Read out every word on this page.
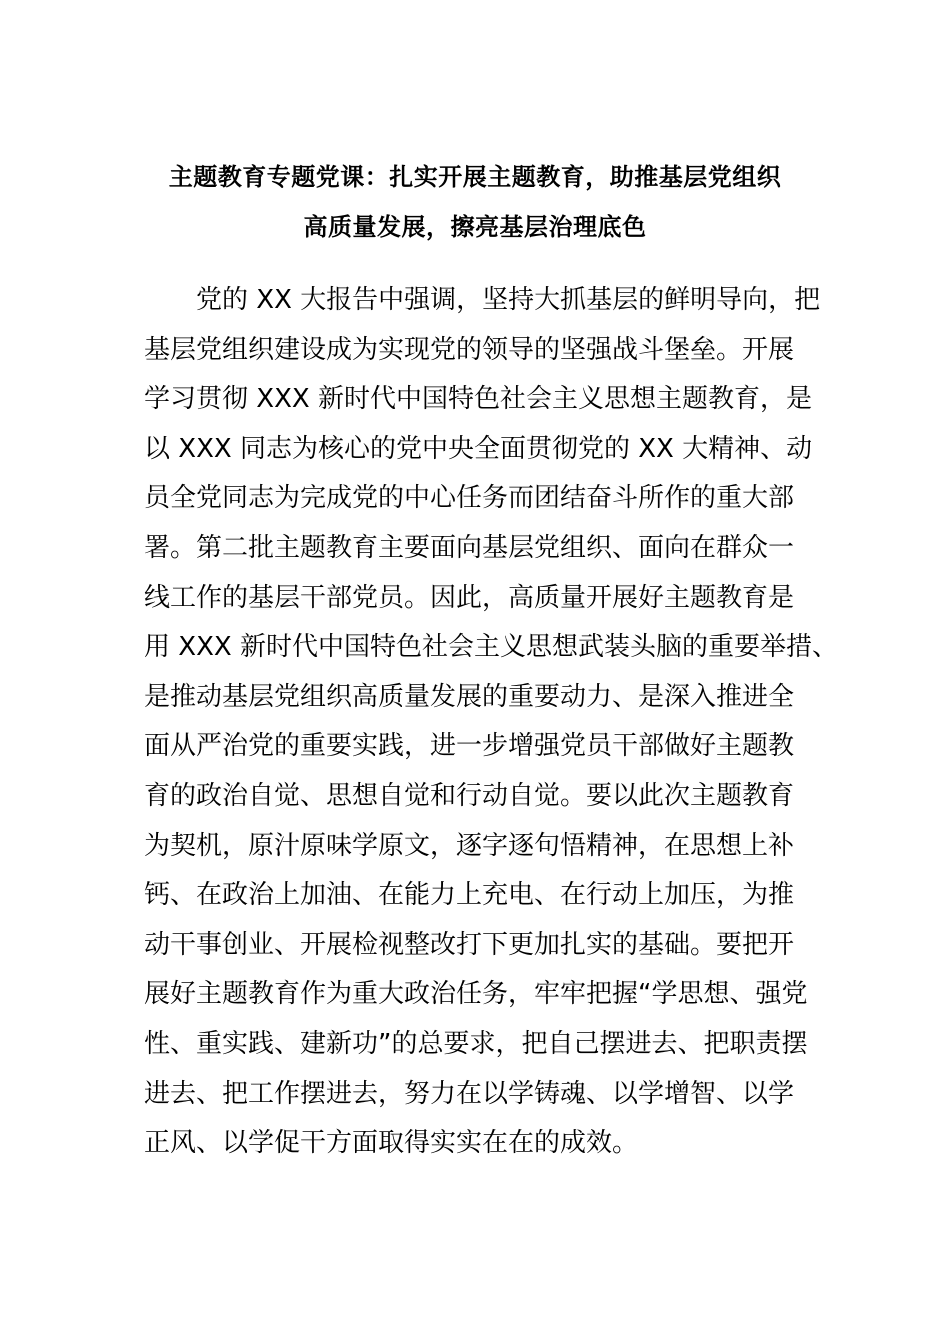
主题教育专题党课：扎实开展主题教育，助推基层党组织
高质量发展，擦亮基层治理底色
党的 XX 大报告中强调，坚持大抓基层的鲜明导向，把
基层党组织建设成为实现党的领导的坚强战斗堡垒。开展
学习贯彻 XXX 新时代中国特色社会主义思想主题教育，是
以 XXX 同志为核心的党中央全面贯彻党的 XX 大精神、动
员全党同志为完成党的中心任务而团结奋斗所作的重大部
署。第二批主题教育主要面向基层党组织、面向在群众一
线工作的基层干部党员。因此，高质量开展好主题教育是
用 XXX 新时代中国特色社会主义思想武装头脑的重要举措、
是推动基层党组织高质量发展的重要动力、是深入推进全
面从严治党的重要实践，进一步增强党员干部做好主题教
育的政治自觉、思想自觉和行动自觉。要以此次主题教育
为契机，原汁原味学原文，逐字逐句悟精神，在思想上补
钙、在政治上加油、在能力上充电、在行动上加压，为推
动干事创业、开展检视整改打下更加扎实的基础。要把开
展好主题教育作为重大政治任务，牢牢把握“学思想、强党
性、重实践、建新功”的总要求，把自己摆进去、把职责摆
进去、把工作摆进去，努力在以学铸魂、以学增智、以学
正风、以学促干方面取得实实在在的成效。
